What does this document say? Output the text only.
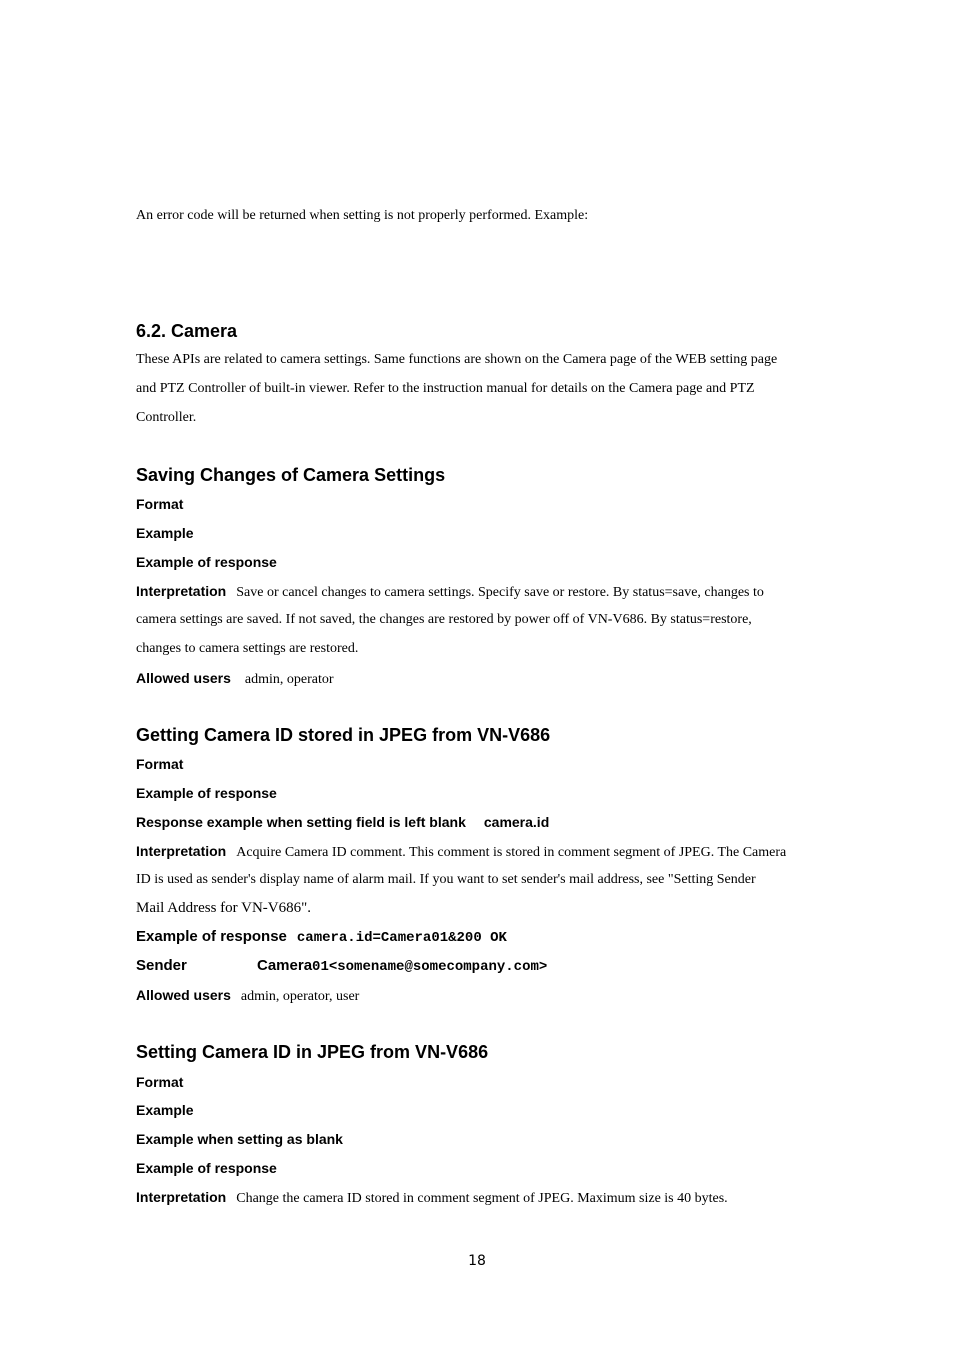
An error code will be returned when setting is not properly performed. Example:
6.2. Camera
These APIs are related to camera settings. Same functions are shown on the Camera page of the WEB setting page
and PTZ Controller of built-in viewer. Refer to the instruction manual for details on the Camera page and PTZ
Controller.
Saving Changes of Camera Settings
Format
Example
Example of response
Interpretation Save or cancel changes to camera settings. Specify save or restore. By status=save, changes to
camera settings are saved. If not saved, the changes are restored by power off of VN-V686. By status=restore,
changes to camera settings are restored.
Allowed users admin, operator
Getting Camera ID stored in JPEG from VN-V686
Format
Example of response
Response example when setting field is left blank camera.id
Interpretation Acquire Camera ID comment. This comment is stored in comment segment of JPEG. The Camera
ID is used as sender's display name of alarm mail. If you want to set sender's mail address, see "Setting Sender
Mail Address for VN-V686".
Example of response camera.id=Camera01&200 OK
Sender	Camera01<somename@somecompany.com>
Allowed users admin, operator, user
Setting Camera ID in JPEG from VN-V686
Format
Example
Example when setting as blank
Example of response
Interpretation Change the camera ID stored in comment segment of JPEG. Maximum size is 40 bytes.
18
